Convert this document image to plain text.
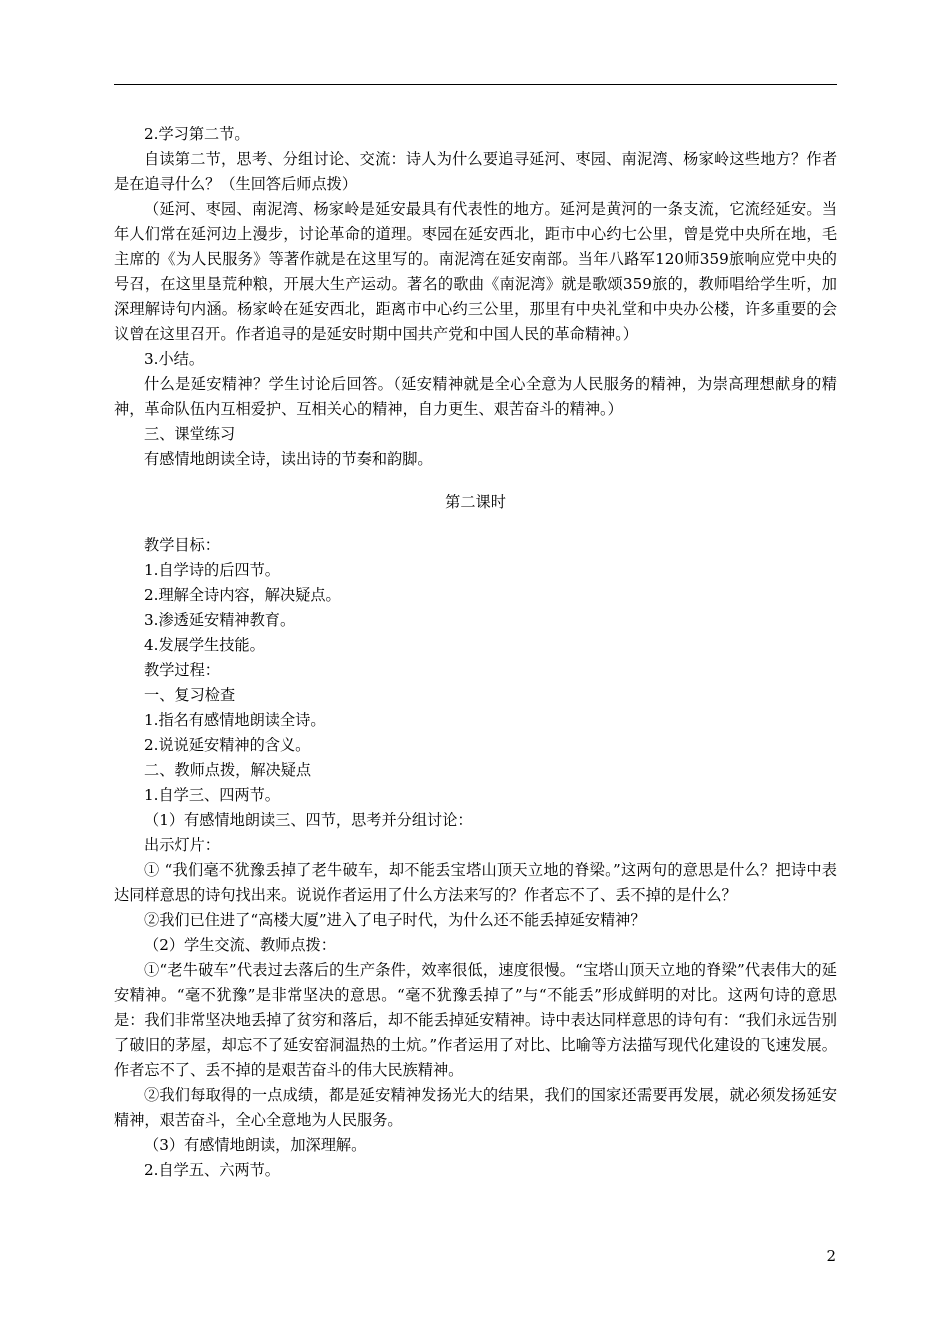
2.学习第二节。

自读第二节，思考、分组讨论、交流：诗人为什么要追寻延河、枣园、南泥湾、杨家岭这些地方？作者是在追寻什么？（生回答后师点拨）

（延河、枣园、南泥湾、杨家岭是延安最具有代表性的地方。延河是黄河的一条支流，它流经延安。当年人们常在延河边上漫步，讨论革命的道理。枣园在延安西北，距市中心约七公里，曾是党中央所在地，毛主席的《为人民服务》等著作就是在这里写的。南泥湾在延安南部。当年八路军120师359旅响应党中央的号召，在这里垦荒种粮，开展大生产运动。著名的歌曲《南泥湾》就是歌颂359旅的，教师唱给学生听，加深理解诗句内涵。杨家岭在延安西北，距离市中心约三公里，那里有中央礼堂和中央办公楼，许多重要的会议曾在这里召开。作者追寻的是延安时期中国共产党和中国人民的革命精神。）

3.小结。

什么是延安精神？学生讨论后回答。（延安精神就是全心全意为人民服务的精神，为崇高理想献身的精神，革命队伍内互相爱护、互相关心的精神，自力更生、艰苦奋斗的精神。）

三、课堂练习

有感情地朗读全诗，读出诗的节奏和韵脚。

第二课时

教学目标：

1.自学诗的后四节。

2.理解全诗内容，解决疑点。

3.渗透延安精神教育。

4.发展学生技能。

教学过程：

一、复习检查

1.指名有感情地朗读全诗。

2.说说延安精神的含义。

二、教师点拨，解决疑点

1.自学三、四两节。

（1）有感情地朗读三、四节，思考并分组讨论：

出示灯片：

① “我们毫不犹豫丢掉了老牛破车，却不能丢宝塔山顶天立地的脊梁。”这两句的意思是什么？把诗中表达同样意思的诗句找出来。说说作者运用了什么方法来写的？作者忘不了、丢不掉的是什么？

②我们已住进了“高楼大厦”进入了电子时代，为什么还不能丢掉延安精神？

（2）学生交流、教师点拨：

①“老牛破车”代表过去落后的生产条件，效率很低，速度很慢。“宝塔山顶天立地的脊梁”代表伟大的延安精神。“毫不犹豫”是非常坚决的意思。“毫不犹豫丢掉了”与“不能丢”形成鲜明的对比。这两句诗的意思是：我们非常坚决地丢掉了贫穷和落后，却不能丢掉延安精神。诗中表达同样意思的诗句有：“我们永远告别了破旧的茅屋，却忘不了延安窑洞温热的土炕。”作者运用了对比、比喻等方法描写现代化建设的飞速发展。作者忘不了、丢不掉的是艰苦奋斗的伟大民族精神。

②我们每取得的一点成绩，都是延安精神发扬光大的结果，我们的国家还需要再发展，就必须发扬延安精神，艰苦奋斗，全心全意地为人民服务。

（3）有感情地朗读，加深理解。

2.自学五、六两节。

2
